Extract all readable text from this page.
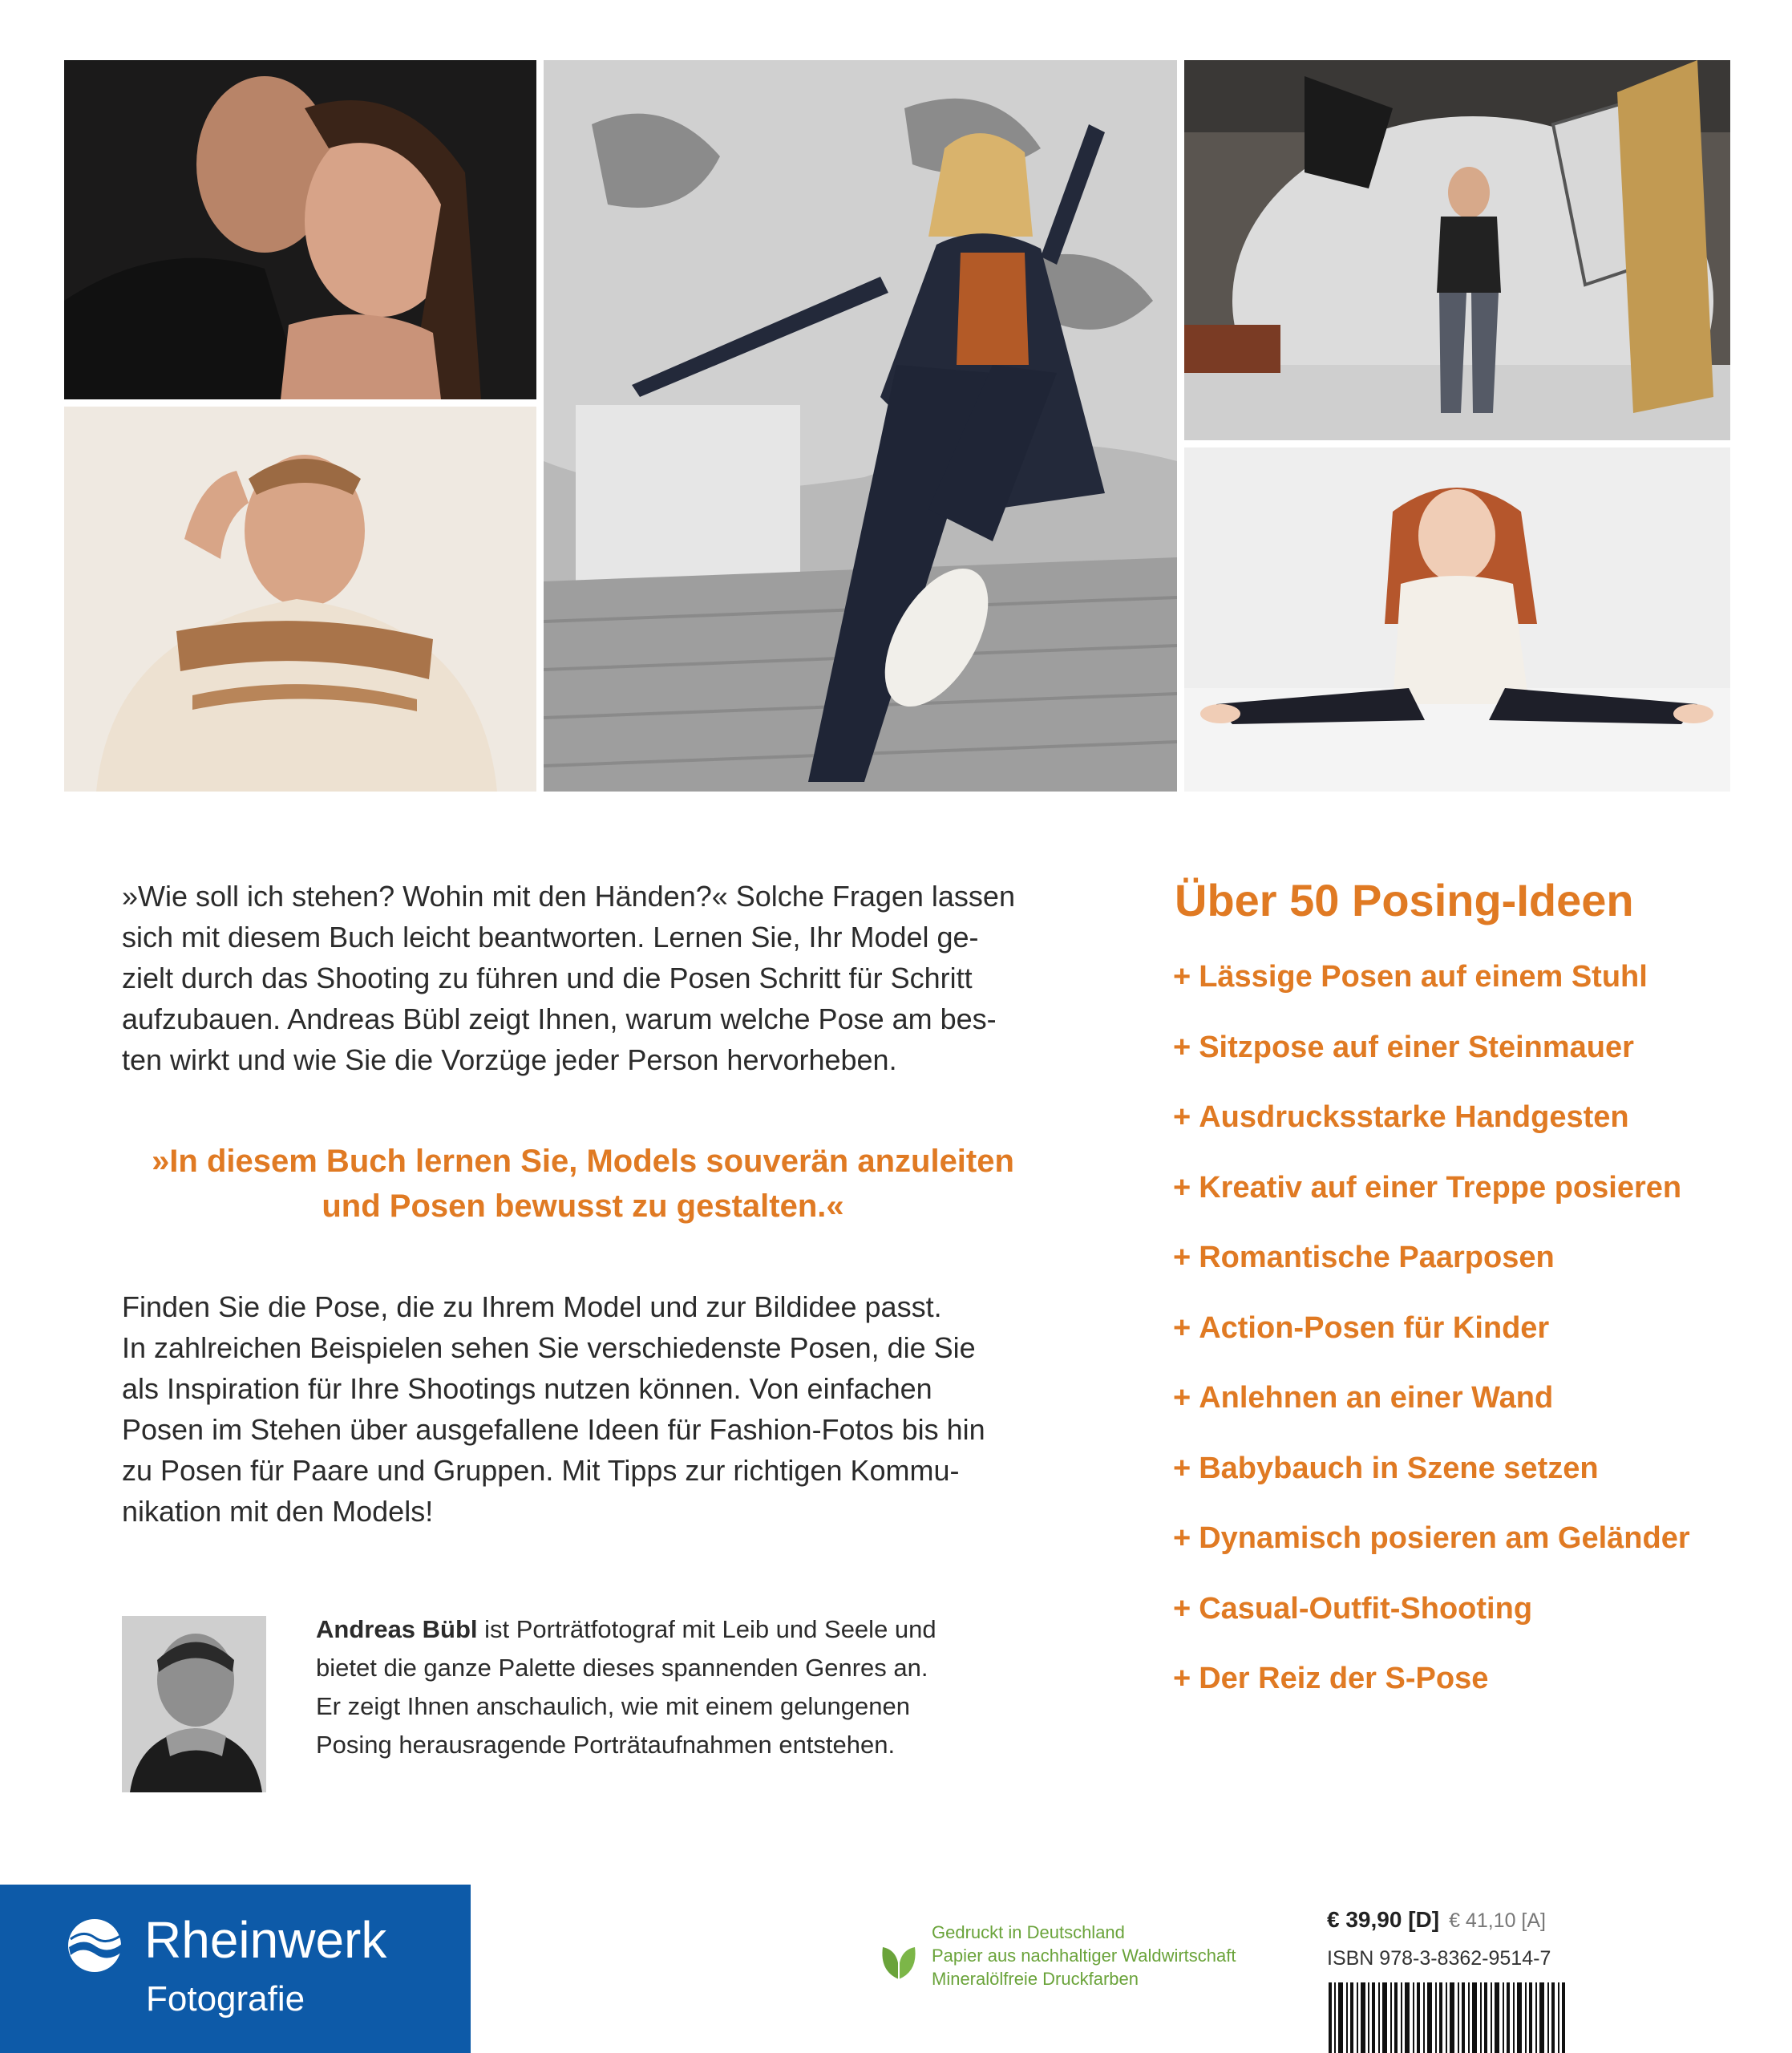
»Wie soll ich stehen? Wohin mit den Händen?« Solche Fragen lassen
sich mit diesem Buch leicht beantworten. Lernen Sie, Ihr Model ge-
zielt durch das Shooting zu führen und die Posen Schritt für Schritt
aufzubauen. Andreas Bübl zeigt Ihnen, warum welche Pose am bes-
ten wirkt und wie Sie die Vorzüge jeder Person hervorheben.
»In diesem Buch lernen Sie, Models souverän anzuleiten
und Posen bewusst zu gestalten.«
Finden Sie die Pose, die zu Ihrem Model und zur Bildidee passt.
In zahlreichen Beispielen sehen Sie verschiedenste Posen, die Sie
als Inspiration für Ihre Shootings nutzen können. Von einfachen
Posen im Stehen über ausgefallene Ideen für Fashion-Fotos bis hin
zu Posen für Paare und Gruppen. Mit Tipps zur richtigen Kommu-
nikation mit den Models!
Andreas Bübl ist Porträtfotograf mit Leib und Seele und
bietet die ganze Palette dieses spannenden Genres an.
Er zeigt Ihnen anschaulich, wie mit einem gelungenen
Posing herausragende Porträtaufnahmen entstehen.
Über 50 Posing-Ideen
+ Lässige Posen auf einem Stuhl
+ Sitzpose auf einer Steinmauer
+ Ausdrucksstarke Handgesten
+ Kreativ auf einer Treppe posieren
+ Romantische Paarposen
+ Action-Posen für Kinder
+ Anlehnen an einer Wand
+ Babybauch in Szene setzen
+ Dynamisch posieren am Geländer
+ Casual-Outfit-Shooting
+ Der Reiz der S-Pose
Rheinwerk
Fotografie
Gedruckt in Deutschland
Papier aus nachhaltiger Waldwirtschaft
Mineralölfreie Druckfarben
€ 39,90 [D] € 41,10 [A]
ISBN 978-3-8362-9514-7
